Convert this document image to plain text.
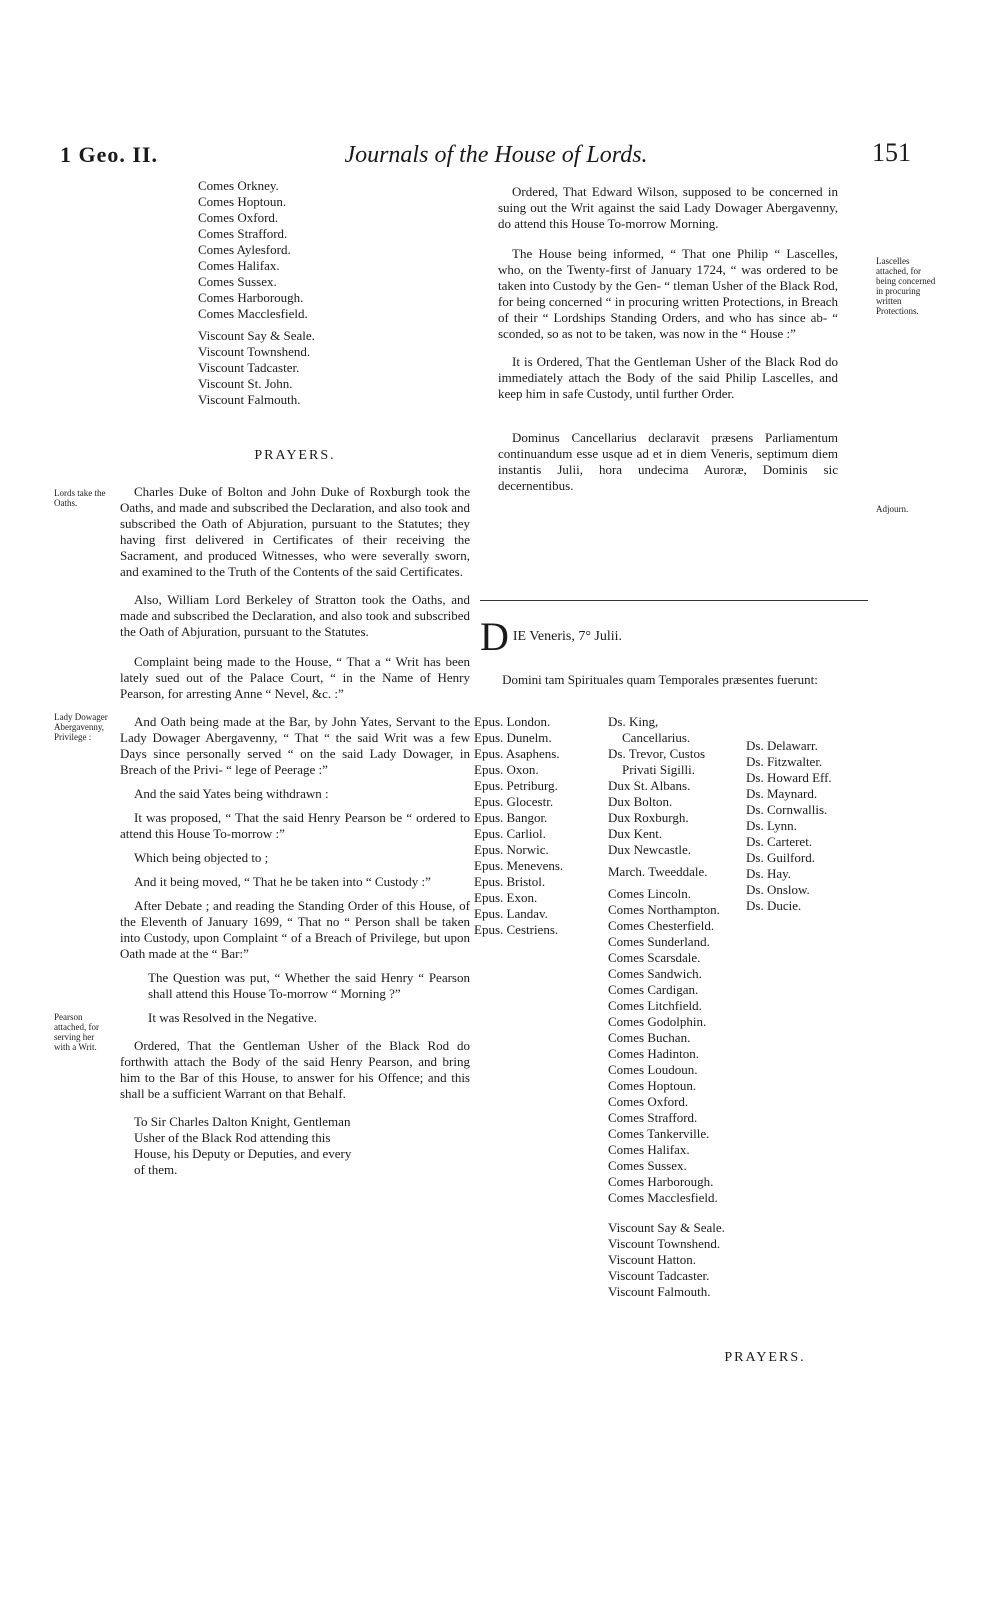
1 Geo. II.	Journals of the House of Lords.	151
Comes Orkney.
Comes Hoptoun.
Comes Oxford.
Comes Strafford.
Comes Aylesford.
Comes Halifax.
Comes Sussex.
Comes Harborough.
Comes Macclesfield.
Viscount Say & Seale.
Viscount Townshend.
Viscount Tadcaster.
Viscount St. John.
Viscount Falmouth.
PRAYERS.
Lords take the Oaths.
Lady Dowager Abergavenny, Privilege :
Pearson attached, for serving her with a Writ.

Charles Duke of Bolton and John Duke of Roxburgh took the Oaths, and made and subscribed the Declaration, and also took and subscribed the Oath of Abjuration, pursuant to the Statutes; they having first delivered in Certificates of their receiving the Sacrament, and produced Witnesses, who were severally sworn, and examined to the Truth of the Contents of the said Certificates.

Also, William Lord Berkeley of Stratton took the Oaths, and made and subscribed the Declaration, and also took and subscribed the Oath of Abjuration, pursuant to the Statutes.

Complaint being made to the House, “ That a “ Writ has been lately sued out of the Palace Court, “ in the Name of Henry Pearson, for arresting Anne “ Nevel, &c. :”

And Oath being made at the Bar, by John Yates, Servant to the Lady Dowager Abergavenny, “ That “ the said Writ was a few Days since personally served “ on the said Lady Dowager, in Breach of the Privi- “ lege of Peerage :”

And the said Yates being withdrawn :

It was proposed, “ That the said Henry Pearson be “ ordered to attend this House To-morrow :”

Which being objected to ;

And it being moved, “ That he be taken into “ Custody :”

After Debate ; and reading the Standing Order of this House, of the Eleventh of January 1699, “ That no “ Person shall be taken into Custody, upon Complaint “ of a Breach of Privilege, but upon Oath made at the “ Bar:”

The Question was put, “ Whether the said Henry “ Pearson shall attend this House To-morrow “ Morning ?”

It was Resolved in the Negative.

Ordered, That the Gentleman Usher of the Black Rod do forthwith attach the Body of the said Henry Pearson, and bring him to the Bar of this House, to answer for his Offence; and this shall be a sufficient Warrant on that Behalf.

To Sir Charles Dalton Knight, Gentleman Usher of the Black Rod attending this House, his Deputy or Deputies, and every of them.

Ordered, That Edward Wilson, supposed to be concerned in suing out the Writ against the said Lady Dowager Abergavenny, do attend this House To-morrow Morning.

The House being informed, “ That one Philip “ Lascelles, who, on the Twenty-first of January 1724, “ was ordered to be taken into Custody by the Gen- “ tleman Usher of the Black Rod, for being concerned “ in procuring written Protections, in Breach of their “ Lordships Standing Orders, and who has since ab- “ sconded, so as not to be taken, was now in the “ House :”

It is Ordered, That the Gentleman Usher of the Black Rod do immediately attach the Body of the said Philip Lascelles, and keep him in safe Custody, until further Order.

Dominus Cancellarius declaravit præsens Parliamentum continuandum esse usque ad et in diem Veneris, septimum diem instantis Julii, hora undecima Auroræ, Dominis sic decernentibus.

Lascelles attached, for being concerned in procuring written Protections.
Adjourn.
D IE Veneris, 7° Julii.
Domini tam Spirituales quam Temporales præsentes fuerunt:
Epus. London.
Epus. Dunelm.
Epus. Asaphens.
Epus. Oxon.
Epus. Petriburg.
Epus. Glocestr.
Epus. Bangor.
Epus. Carliol.
Epus. Norwic.
Epus. Menevens.
Epus. Bristol.
Epus. Exon.
Epus. Landav.
Epus. Cestriens.
Ds. King,
Cancellarius.
Ds. Trevor, Custos
Privati Sigilli.
Dux St. Albans.
Dux Bolton.
Dux Roxburgh.
Dux Kent.
Dux Newcastle.
March. Tweeddale.
Comes Lincoln.
Comes Northampton.
Comes Chesterfield.
Comes Sunderland.
Comes Scarsdale.
Comes Sandwich.
Comes Cardigan.
Comes Litchfield.
Comes Godolphin.
Comes Buchan.
Comes Hadinton.
Comes Loudoun.
Comes Hoptoun.
Comes Oxford.
Comes Strafford.
Comes Tankerville.
Comes Halifax.
Comes Sussex.
Comes Harborough.
Comes Macclesfield.
Viscount Say & Seale.
Viscount Townshend.
Viscount Hatton.
Viscount Tadcaster.
Viscount Falmouth.
Ds. Delawarr.
Ds. Fitzwalter.
Ds. Howard Eff.
Ds. Maynard.
Ds. Cornwallis.
Ds. Lynn.
Ds. Carteret.
Ds. Guilford.
Ds. Hay.
Ds. Onslow.
Ds. Ducie.
PRAYERS.
